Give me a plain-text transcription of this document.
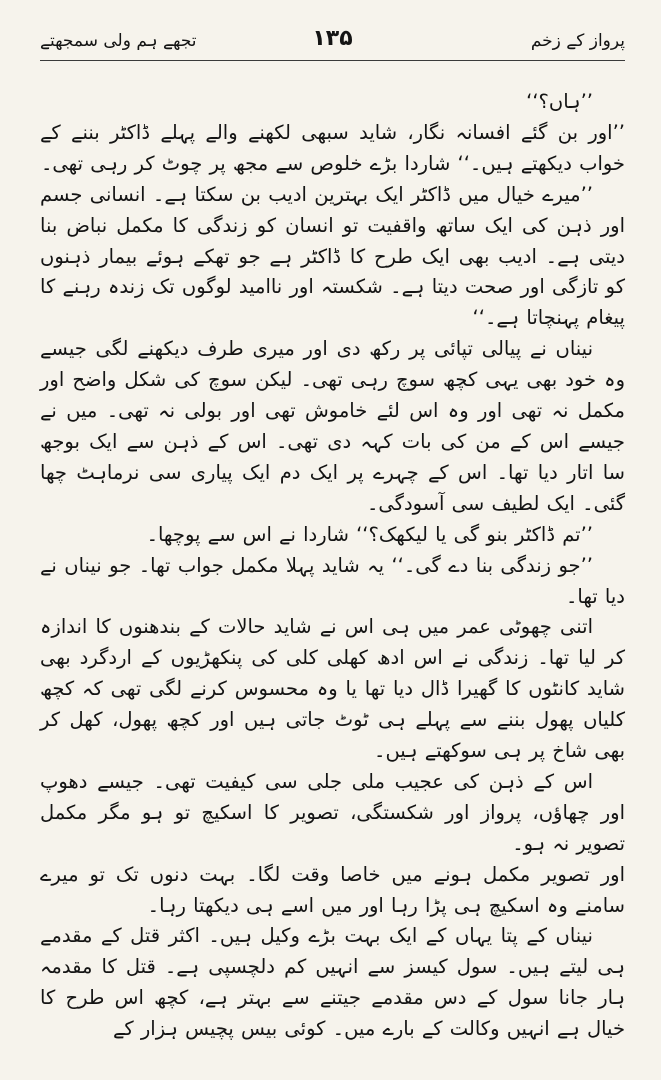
پرواز کے زخم
۱۳۵
تجھے ہم ولی سمجھتے

’’ہاں؟‘‘

’’اور بن گئے افسانہ نگار، شاید سبھی لکھنے والے پہلے ڈاکٹر بننے کے خواب دیکھتے ہیں۔‘‘ شاردا بڑے خلوص سے مجھ پر چوٹ کر رہی تھی۔

’’میرے خیال میں ڈاکٹر ایک بہترین ادیب بن سکتا ہے۔ انسانی جسم اور ذہن کی ایک ساتھ واقفیت تو انسان کو زندگی کا مکمل نباض بنا دیتی ہے۔ ادیب بھی ایک طرح کا ڈاکٹر ہے جو تھکے ہوئے بیمار ذہنوں کو تازگی اور صحت دیتا ہے۔ شکستہ اور ناامید لوگوں تک زندہ رہنے کا پیغام پہنچاتا ہے۔‘‘

نیناں نے پیالی تپائی پر رکھ دی اور میری طرف دیکھنے لگی جیسے وہ خود بھی یہی کچھ سوچ رہی تھی۔ لیکن سوچ کی شکل واضح اور مکمل نہ تھی اور وہ اس لئے خاموش تھی اور بولی نہ تھی۔ میں نے جیسے اس کے من کی بات کہہ دی تھی۔ اس کے ذہن سے ایک بوجھ سا اتار دیا تھا۔ اس کے چہرے پر ایک دم ایک پیاری سی نرماہٹ چھا گئی۔ ایک لطیف سی آسودگی۔

’’تم ڈاکٹر بنو گی یا لیکھک؟‘‘ شاردا نے اس سے پوچھا۔

’’جو زندگی بنا دے گی۔‘‘ یہ شاید پہلا مکمل جواب تھا۔ جو نیناں نے دیا تھا۔

اتنی چھوٹی عمر میں ہی اس نے شاید حالات کے بندھنوں کا اندازہ کر لیا تھا۔ زندگی نے اس ادھ کھلی کلی کی پنکھڑیوں کے اردگرد بھی شاید کانٹوں کا گھیرا ڈال دیا تھا یا وہ محسوس کرنے لگی تھی کہ کچھ کلیاں پھول بننے سے پہلے ہی ٹوٹ جاتی ہیں اور کچھ پھول، کھل کر بھی شاخ پر ہی سوکھتے ہیں۔

اس کے ذہن کی عجیب ملی جلی سی کیفیت تھی۔ جیسے دھوپ اور چھاؤں، پرواز اور شکستگی، تصویر کا اسکیچ تو ہو مگر مکمل تصویر نہ ہو۔

اور تصویر مکمل ہونے میں خاصا وقت لگا۔ بہت دنوں تک تو میرے سامنے وہ اسکیچ ہی پڑا رہا اور میں اسے ہی دیکھتا رہا۔

نیناں کے پتا یہاں کے ایک بہت بڑے وکیل ہیں۔ اکثر قتل کے مقدمے ہی لیتے ہیں۔ سول کیسز سے انہیں کم دلچسپی ہے۔ قتل کا مقدمہ ہار جانا سول کے دس مقدمے جیتنے سے بہتر ہے، کچھ اس طرح کا خیال ہے انہیں وکالت کے بارے میں۔ کوئی بیس پچیس ہزار کے
